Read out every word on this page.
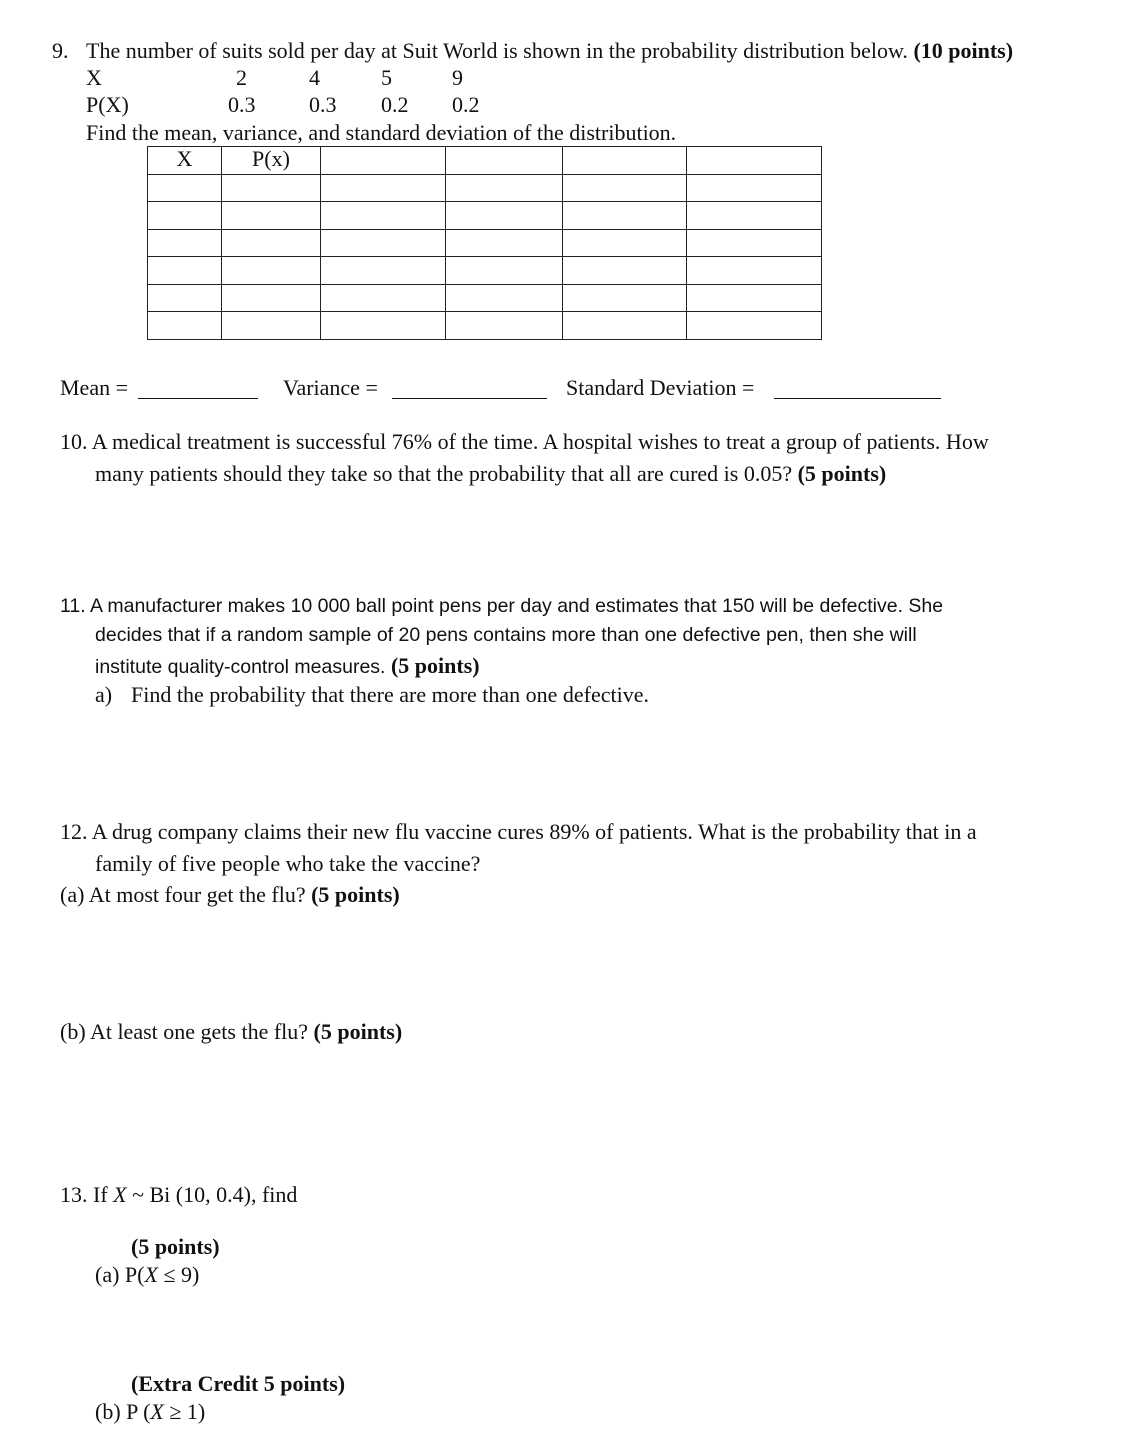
9. The number of suits sold per day at Suit World is shown in the probability distribution below. (10 points)
X	2	4	5	9
P(X)	0.3 0.3 0.2 0.2
Find the mean, variance, and standard deviation of the distribution.
X	P(x)				

Mean =	Variance =	Standard Deviation =
10. A medical treatment is successful 76% of the time. A hospital wishes to treat a group of patients. How
many patients should they take so that the probability that all are cured is 0.05? (5 points)
11. A manufacturer makes 10 000 ball point pens per day and estimates that 150 will be defective. She
decides that if a random sample of 20 pens contains more than one defective pen, then she will
institute quality-control measures. (5 points)
a) Find the probability that there are more than one defective.
12. A drug company claims their new flu vaccine cures 89% of patients. What is the probability that in a
family of five people who take the vaccine?
(a) At most four get the flu? (5 points)
(b) At least one gets the flu? (5 points)
13. If X ~ Bi (10, 0.4), find
(5 points)
(a) P(X ≤ 9)
(Extra Credit 5 points)
(b) P (X ≥ 1)
